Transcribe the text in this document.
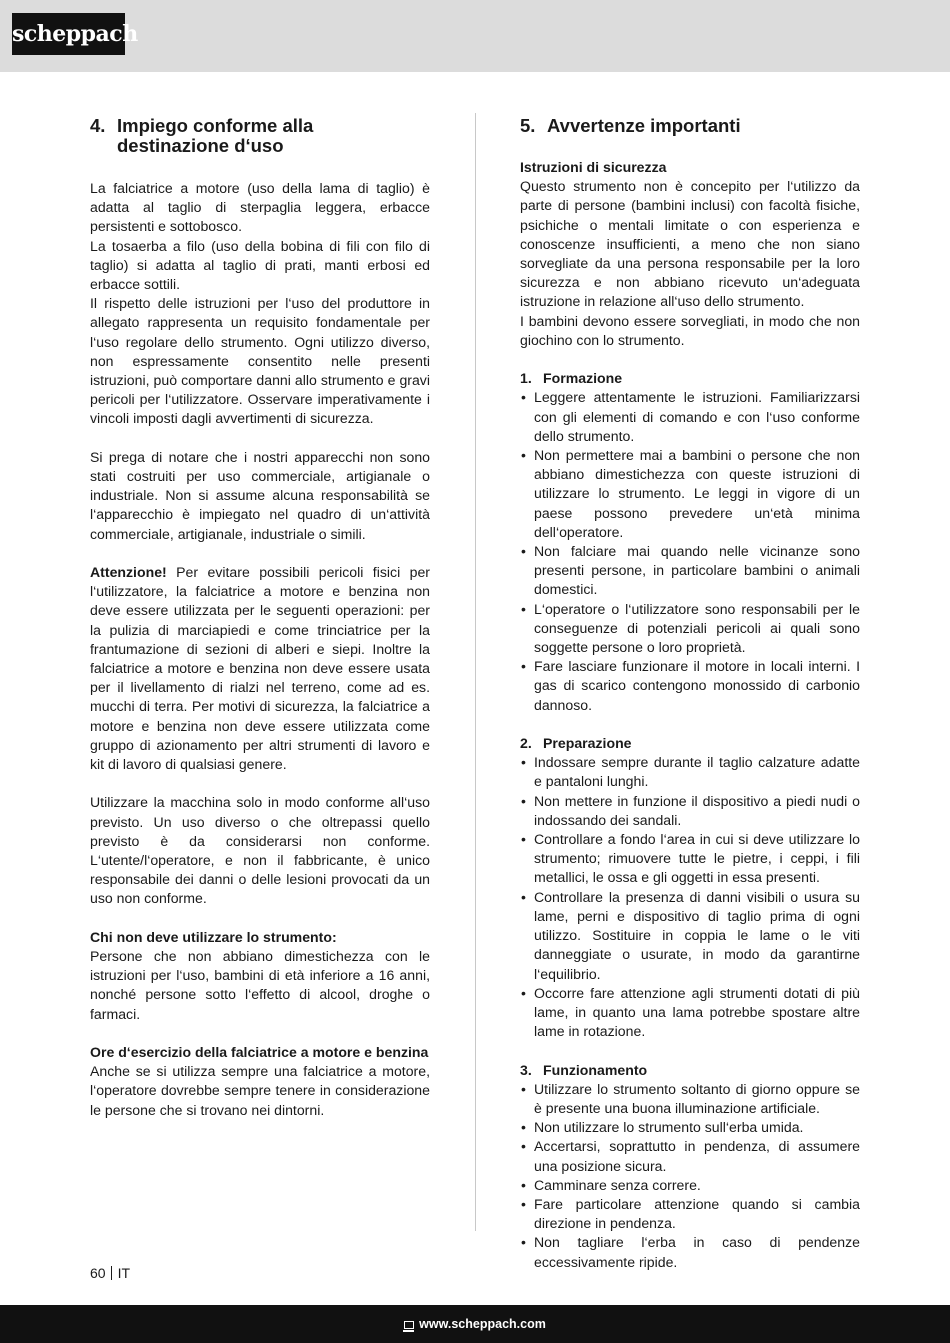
scheppach
4. Impiego conforme alla
destinazione d‘uso

La falciatrice a motore (uso della lama di taglio) è adatta al taglio di sterpaglia leggera, erbacce persistenti e sottobosco.

La tosaerba a filo (uso della bobina di fili con filo di taglio) si adatta al taglio di prati, manti erbosi ed erbacce sottili.

Il rispetto delle istruzioni per l‘uso del produttore in allegato rappresenta un requisito fondamentale per l‘uso regolare dello strumento. Ogni utilizzo diverso, non espressamente consentito nelle presenti istruzioni, può comportare danni allo strumento e gravi pericoli per l‘utilizzatore. Osservare imperativamente i vincoli imposti dagli avvertimenti di sicurezza.

Si prega di notare che i nostri apparecchi non sono stati costruiti per uso commerciale, artigianale o industriale. Non si assume alcuna responsabilità se l‘apparecchio è impiegato nel quadro di un‘attività commerciale, artigianale, industriale o simili.

Attenzione! Per evitare possibili pericoli fisici per l‘utilizzatore, la falciatrice a motore e benzina non deve essere utilizzata per le seguenti operazioni: per la pulizia di marciapiedi e come trinciatrice per la frantumazione di sezioni di alberi e siepi. Inoltre la falciatrice a motore e benzina non deve essere usata per il livellamento di rialzi nel terreno, come ad es. mucchi di terra. Per motivi di sicurezza, la falciatrice a motore e benzina non deve essere utilizzata come gruppo di azionamento per altri strumenti di lavoro e kit di lavoro di qualsiasi genere.

Utilizzare la macchina solo in modo conforme all‘uso previsto. Un uso diverso o che oltrepassi quello previsto è da considerarsi non conforme. L‘utente/l‘operatore, e non il fabbricante, è unico responsabile dei danni o delle lesioni provocati da un uso non conforme.

Chi non deve utilizzare lo strumento:

Persone che non abbiano dimestichezza con le istruzioni per l‘uso, bambini di età inferiore a 16 anni, nonché persone sotto l‘effetto di alcool, droghe o farmaci.

Ore d‘esercizio della falciatrice a motore e benzina

Anche se si utilizza sempre una falciatrice a motore, l‘operatore dovrebbe sempre tenere in considerazione le persone che si trovano nei dintorni.

5. Avvertenze importanti

Istruzioni di sicurezza

Questo strumento non è concepito per l‘utilizzo da parte di persone (bambini inclusi) con facoltà fisiche, psichiche o mentali limitate o con esperienza e conoscenze insufficienti, a meno che non siano sorvegliate da una persona responsabile per la loro sicurezza e non abbiano ricevuto un‘adeguata istruzione in relazione all‘uso dello strumento.

I bambini devono essere sorvegliati, in modo che non giochino con lo strumento.

1. Formazione

• Leggere attentamente le istruzioni. Familiarizzarsi con gli elementi di comando e con l‘uso conforme dello strumento.
• Non permettere mai a bambini o persone che non abbiano dimestichezza con queste istruzioni di utilizzare lo strumento. Le leggi in vigore di un paese possono prevedere un‘età minima dell‘operatore.
• Non falciare mai quando nelle vicinanze sono presenti persone, in particolare bambini o animali domestici.
• L‘operatore o l‘utilizzatore sono responsabili per le conseguenze di potenziali pericoli ai quali sono soggette persone o loro proprietà.
• Fare lasciare funzionare il motore in locali interni. I gas di scarico contengono monossido di carbonio dannoso.

2. Preparazione

• Indossare sempre durante il taglio calzature adatte e pantaloni lunghi.
• Non mettere in funzione il dispositivo a piedi nudi o indossando dei sandali.
• Controllare a fondo l‘area in cui si deve utilizzare lo strumento; rimuovere tutte le pietre, i ceppi, i fili metallici, le ossa e gli oggetti in essa presenti.
• Controllare la presenza di danni visibili o usura su lame, perni e dispositivo di taglio prima di ogni utilizzo. Sostituire in coppia le lame o le viti danneggiate o usurate, in modo da garantirne l‘equilibrio.
• Occorre fare attenzione agli strumenti dotati di più lame, in quanto una lama potrebbe spostare altre lame in rotazione.

3. Funzionamento

• Utilizzare lo strumento soltanto di giorno oppure se è presente una buona illuminazione artificiale.
• Non utilizzare lo strumento sull‘erba umida.
• Accertarsi, soprattutto in pendenza, di assumere una posizione sicura.
• Camminare senza correre.
• Fare particolare attenzione quando si cambia direzione in pendenza.
• Non tagliare l‘erba in caso di pendenze eccessivamente ripide.
60 IT
www.scheppach.com
